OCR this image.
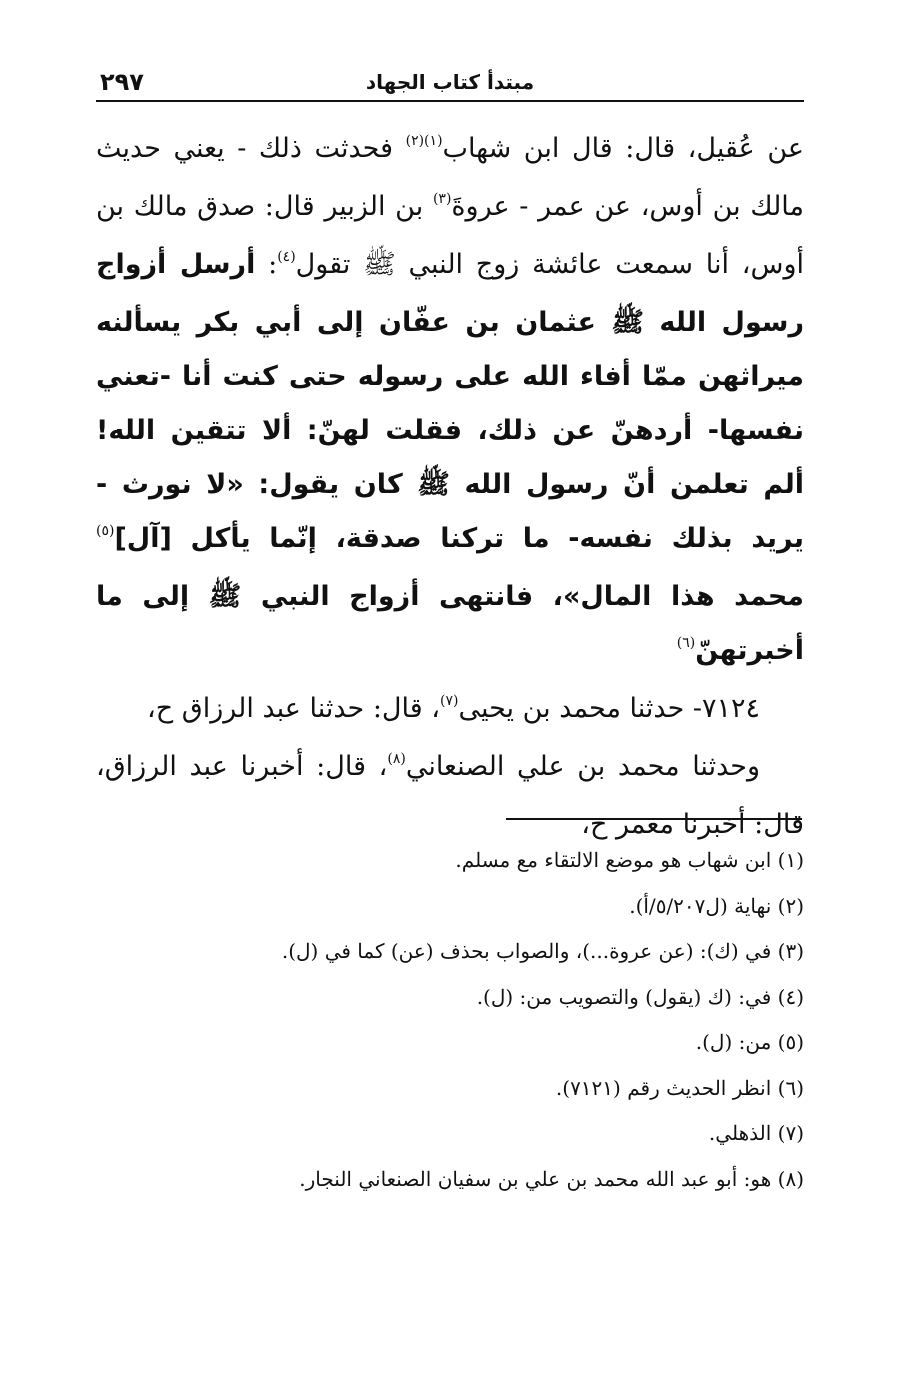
٢٩٧	مبتدأ كتاب الجهاد

عن عُقيل، قال: قال ابن شهاب$^{(١)(٢)}$ فحدثت ذلك - يعني حديث مالك بن أوس، عن عمر - عروةَ$^{(٣)}$ بن الزبير قال: صدق مالك بن أوس، أنا سمعت عائشة زوج النبي ﷺ تقول$^{(٤)}$: أرسل أزواج رسول الله ﷺ عثمان بن عفّان إلى أبي بكر يسألنه ميراثهن ممّا أفاء الله على رسوله حتى كنت أنا -تعني نفسها- أردهنّ عن ذلك، فقلت لهنّ: ألا تتقين الله! ألم تعلمن أنّ رسول الله ﷺ كان يقول: «لا نورث - يريد بذلك نفسه- ما تركنا صدقة، إنّما يأكل [آل]$^{(٥)}$ محمد هذا المال»، فانتهى أزواج النبي ﷺ إلى ما أخبرتهنّ$^{(٦)}$

٧١٢٤- حدثنا محمد بن يحيى$^{(٧)}$، قال: حدثنا عبد الرزاق ح،

وحدثنا محمد بن علي الصنعاني$^{(٨)}$، قال: أخبرنا عبد الرزاق، قال: أخبرنا معمر ح،

(١) ابن شهاب هو موضع الالتقاء مع مسلم.
(٢) نهاية (ل٥/٢٠٧/أ).
(٣) في (ك): (عن عروة...)، والصواب بحذف (عن) كما في (ل).
(٤) في: (ك (يقول) والتصويب من: (ل).
(٥) من: (ل).
(٦) انظر الحديث رقم (٧١٢١).
(٧) الذهلي.
(٨) هو: أبو عبد الله محمد بن علي بن سفيان الصنعاني النجار.
